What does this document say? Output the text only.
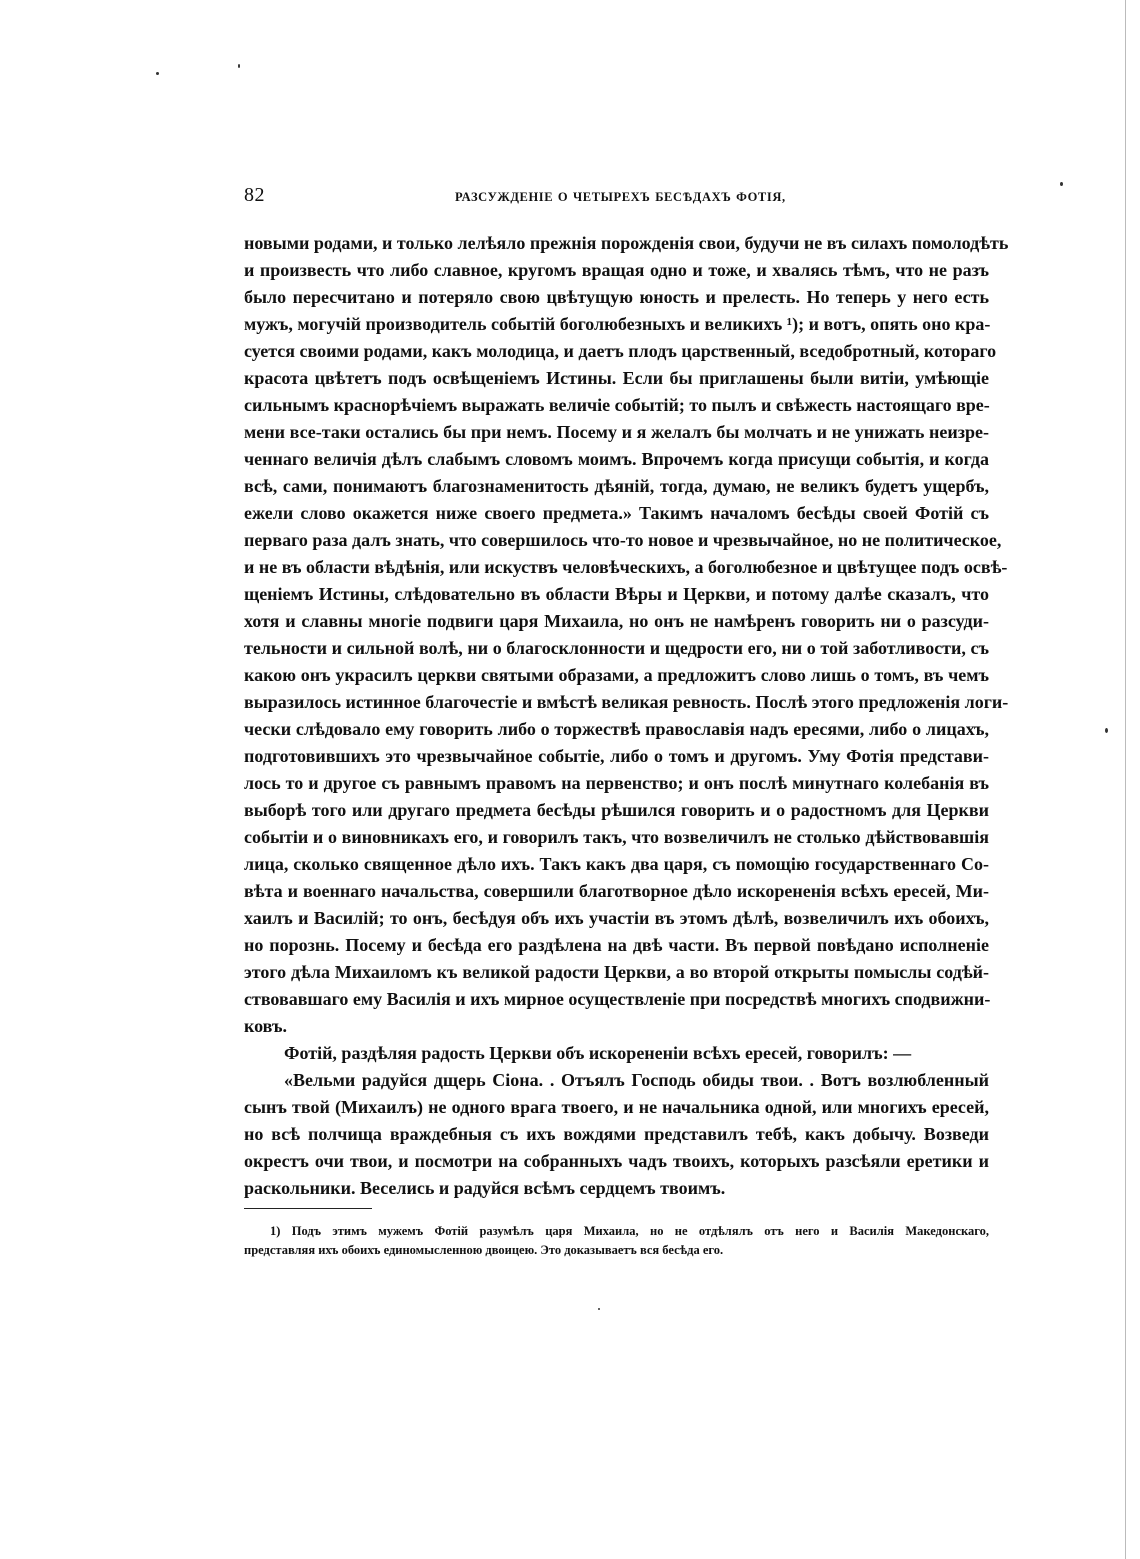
82	РАЗСУЖДЕНІЕ О ЧЕТЫРЕХЪ БЕСѢДАХЪ ФОТІЯ,
новыми родами, и только лелѣяло прежнія порожденія свои, будучи не въ силахъ помолодѣть
и произвесть что либо славное, кругомъ вращая одно и тоже, и хвалясь тѣмъ, что не разъ
было пересчитано и потеряло свою цвѣтущую юность и прелесть. Но теперь у него есть
мужъ, могучій производитель событій боголюбезныхъ и великихъ ¹); и вотъ, опять оно кра-
суется своими родами, какъ молодица, и даетъ плодъ царственный, вседобротный, котораго
красота цвѣтетъ подъ освѣщеніемъ Истины. Если бы приглашены были витіи, умѣющіе
сильнымъ краснорѣчіемъ выражать величіе событій; то пылъ и свѣжесть настоящаго вре-
мени все-таки остались бы при немъ. Посему и я желалъ бы молчать и не унижать неизре-
ченнаго величія дѣлъ слабымъ словомъ моимъ. Впрочемъ когда присущи событія, и когда
всѣ, сами, понимаютъ благознаменитость дѣяній, тогда, думаю, не великъ будетъ ущербъ,
ежели слово окажется ниже своего предмета.» Такимъ началомъ бесѣды своей Фотій съ
перваго раза далъ знать, что совершилось что-то новое и чрезвычайное, но не политическое,
и не въ области вѣдѣнія, или искуствъ человѣческихъ, а боголюбезное и цвѣтущее подъ освѣ-
щеніемъ Истины, слѣдовательно въ области Вѣры и Церкви, и потому далѣе сказалъ, что
хотя и славны многіе подвиги царя Михаила, но онъ не намѣренъ говорить ни о разсуди-
тельности и сильной волѣ, ни о благосклонности и щедрости его, ни о той заботливости, съ
какою онъ украсилъ церкви святыми образами, а предложитъ слово лишь о томъ, въ чемъ
выразилось истинное благочестіе и вмѣстѣ великая ревность. Послѣ этого предложенія логи-
чески слѣдовало ему говорить либо о торжествѣ православія надъ ересями, либо о лицахъ,
подготовившихъ это чрезвычайное событіе, либо о томъ и другомъ. Уму Фотія представи-
лось то и другое съ равнымъ правомъ на первенство; и онъ послѣ минутнаго колебанія въ
выборѣ того или другаго предмета бесѣды рѣшился говорить и о радостномъ для Церкви
событіи и о виновникахъ его, и говорилъ такъ, что возвеличилъ не столько дѣйствовавшія
лица, сколько священное дѣло ихъ. Такъ какъ два царя, съ помощію государственнаго Со-
вѣта и военнаго начальства, совершили благотворное дѣло искорененія всѣхъ ересей, Ми-
хаилъ и Василій; то онъ, бесѣдуя объ ихъ участіи въ этомъ дѣлѣ, возвеличилъ ихъ обоихъ,
но порознь. Посему и бесѣда его раздѣлена на двѣ части. Въ первой повѣдано исполненіе
этого дѣла Михаиломъ къ великой радости Церкви, а во второй открыты помыслы содѣй-
ствовавшаго ему Василія и ихъ мирное осуществленіе при посредствѣ многихъ сподвижни-
ковъ.
Фотій, раздѣляя радость Церкви объ искорененіи всѣхъ ересей, говорилъ: —
«Вельми радуйся дщерь Сіона. . Отъялъ Господь обиды твои. . Вотъ возлюбленный
сынъ твой (Михаилъ) не одного врага твоего, и не начальника одной, или многихъ ересей,
но всѣ полчища враждебныя съ ихъ вождями представилъ тебѣ, какъ добычу. Возведи
окрестъ очи твои, и посмотри на собранныхъ чадъ твоихъ, которыхъ разсѣяли еретики и
раскольники. Веселись и радуйся всѣмъ сердцемъ твоимъ.
1) Подъ этимъ мужемъ Фотій разумѣлъ царя Михаила, но не отдѣлялъ отъ него и Василія Македонскаго,
представляя ихъ обоихъ единомысленною двоицею. Это доказываетъ вся бесѣда его.
